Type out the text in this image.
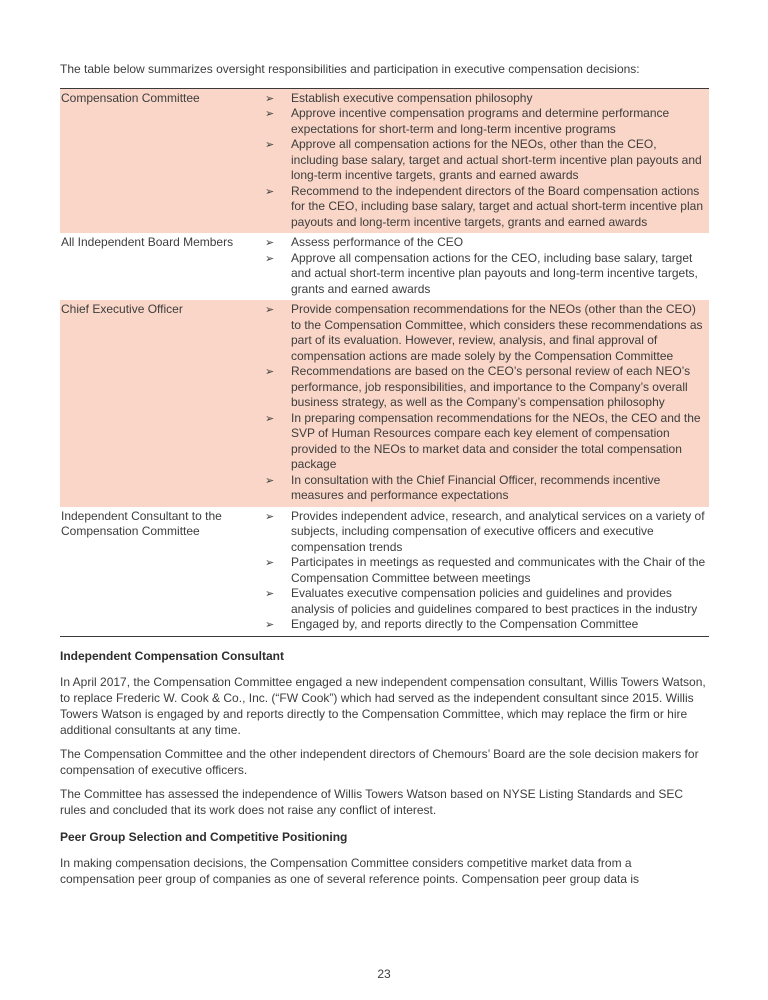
The table below summarizes oversight responsibilities and participation in executive compensation decisions:

Compensation Committee	➢	Establish executive compensation philosophy
➢	Approve incentive compensation programs and determine performance expectations for short-term and long-term incentive programs
➢	Approve all compensation actions for the NEOs, other than the CEO, including base salary, target and actual short-term incentive plan payouts and long-term incentive targets, grants and earned awards
➢	Recommend to the independent directors of the Board compensation actions for the CEO, including base salary, target and actual short-term incentive plan payouts and long-term incentive targets, grants and earned awards
All Independent Board Members	➢	Assess performance of the CEO
➢	Approve all compensation actions for the CEO, including base salary, target and actual short-term incentive plan payouts and long-term incentive targets, grants and earned awards
Chief Executive Officer	➢	Provide compensation recommendations for the NEOs (other than the CEO) to the Compensation Committee, which considers these recommendations as part of its evaluation. However, review, analysis, and final approval of compensation actions are made solely by the Compensation Committee
➢	Recommendations are based on the CEO’s personal review of each NEO’s performance, job responsibilities, and importance to the Company’s overall business strategy, as well as the Company’s compensation philosophy
➢	In preparing compensation recommendations for the NEOs, the CEO and the SVP of Human Resources compare each key element of compensation provided to the NEOs to market data and consider the total compensation package
➢	In consultation with the Chief Financial Officer, recommends incentive measures and performance expectations
Independent Consultant to the Compensation Committee
➢	Provides independent advice, research, and analytical services on a variety of subjects, including compensation of executive officers and executive compensation trends
➢	Participates in meetings as requested and communicates with the Chair of the Compensation Committee between meetings
➢	Evaluates executive compensation policies and guidelines and provides analysis of policies and guidelines compared to best practices in the industry
➢	Engaged by, and reports directly to the Compensation Committee
Independent Compensation Consultant

In April 2017, the Compensation Committee engaged a new independent compensation consultant, Willis Towers Watson, to replace Frederic W. Cook & Co., Inc. (“FW Cook”) which had served as the independent consultant since 2015. Willis Towers Watson is engaged by and reports directly to the Compensation Committee, which may replace the firm or hire additional consultants at any time.

The Compensation Committee and the other independent directors of Chemours’ Board are the sole decision makers for compensation of executive officers.

The Committee has assessed the independence of Willis Towers Watson based on NYSE Listing Standards and SEC rules and concluded that its work does not raise any conflict of interest.

Peer Group Selection and Competitive Positioning

In making compensation decisions, the Compensation Committee considers competitive market data from a compensation peer group of companies as one of several reference points. Compensation peer group data is

23
